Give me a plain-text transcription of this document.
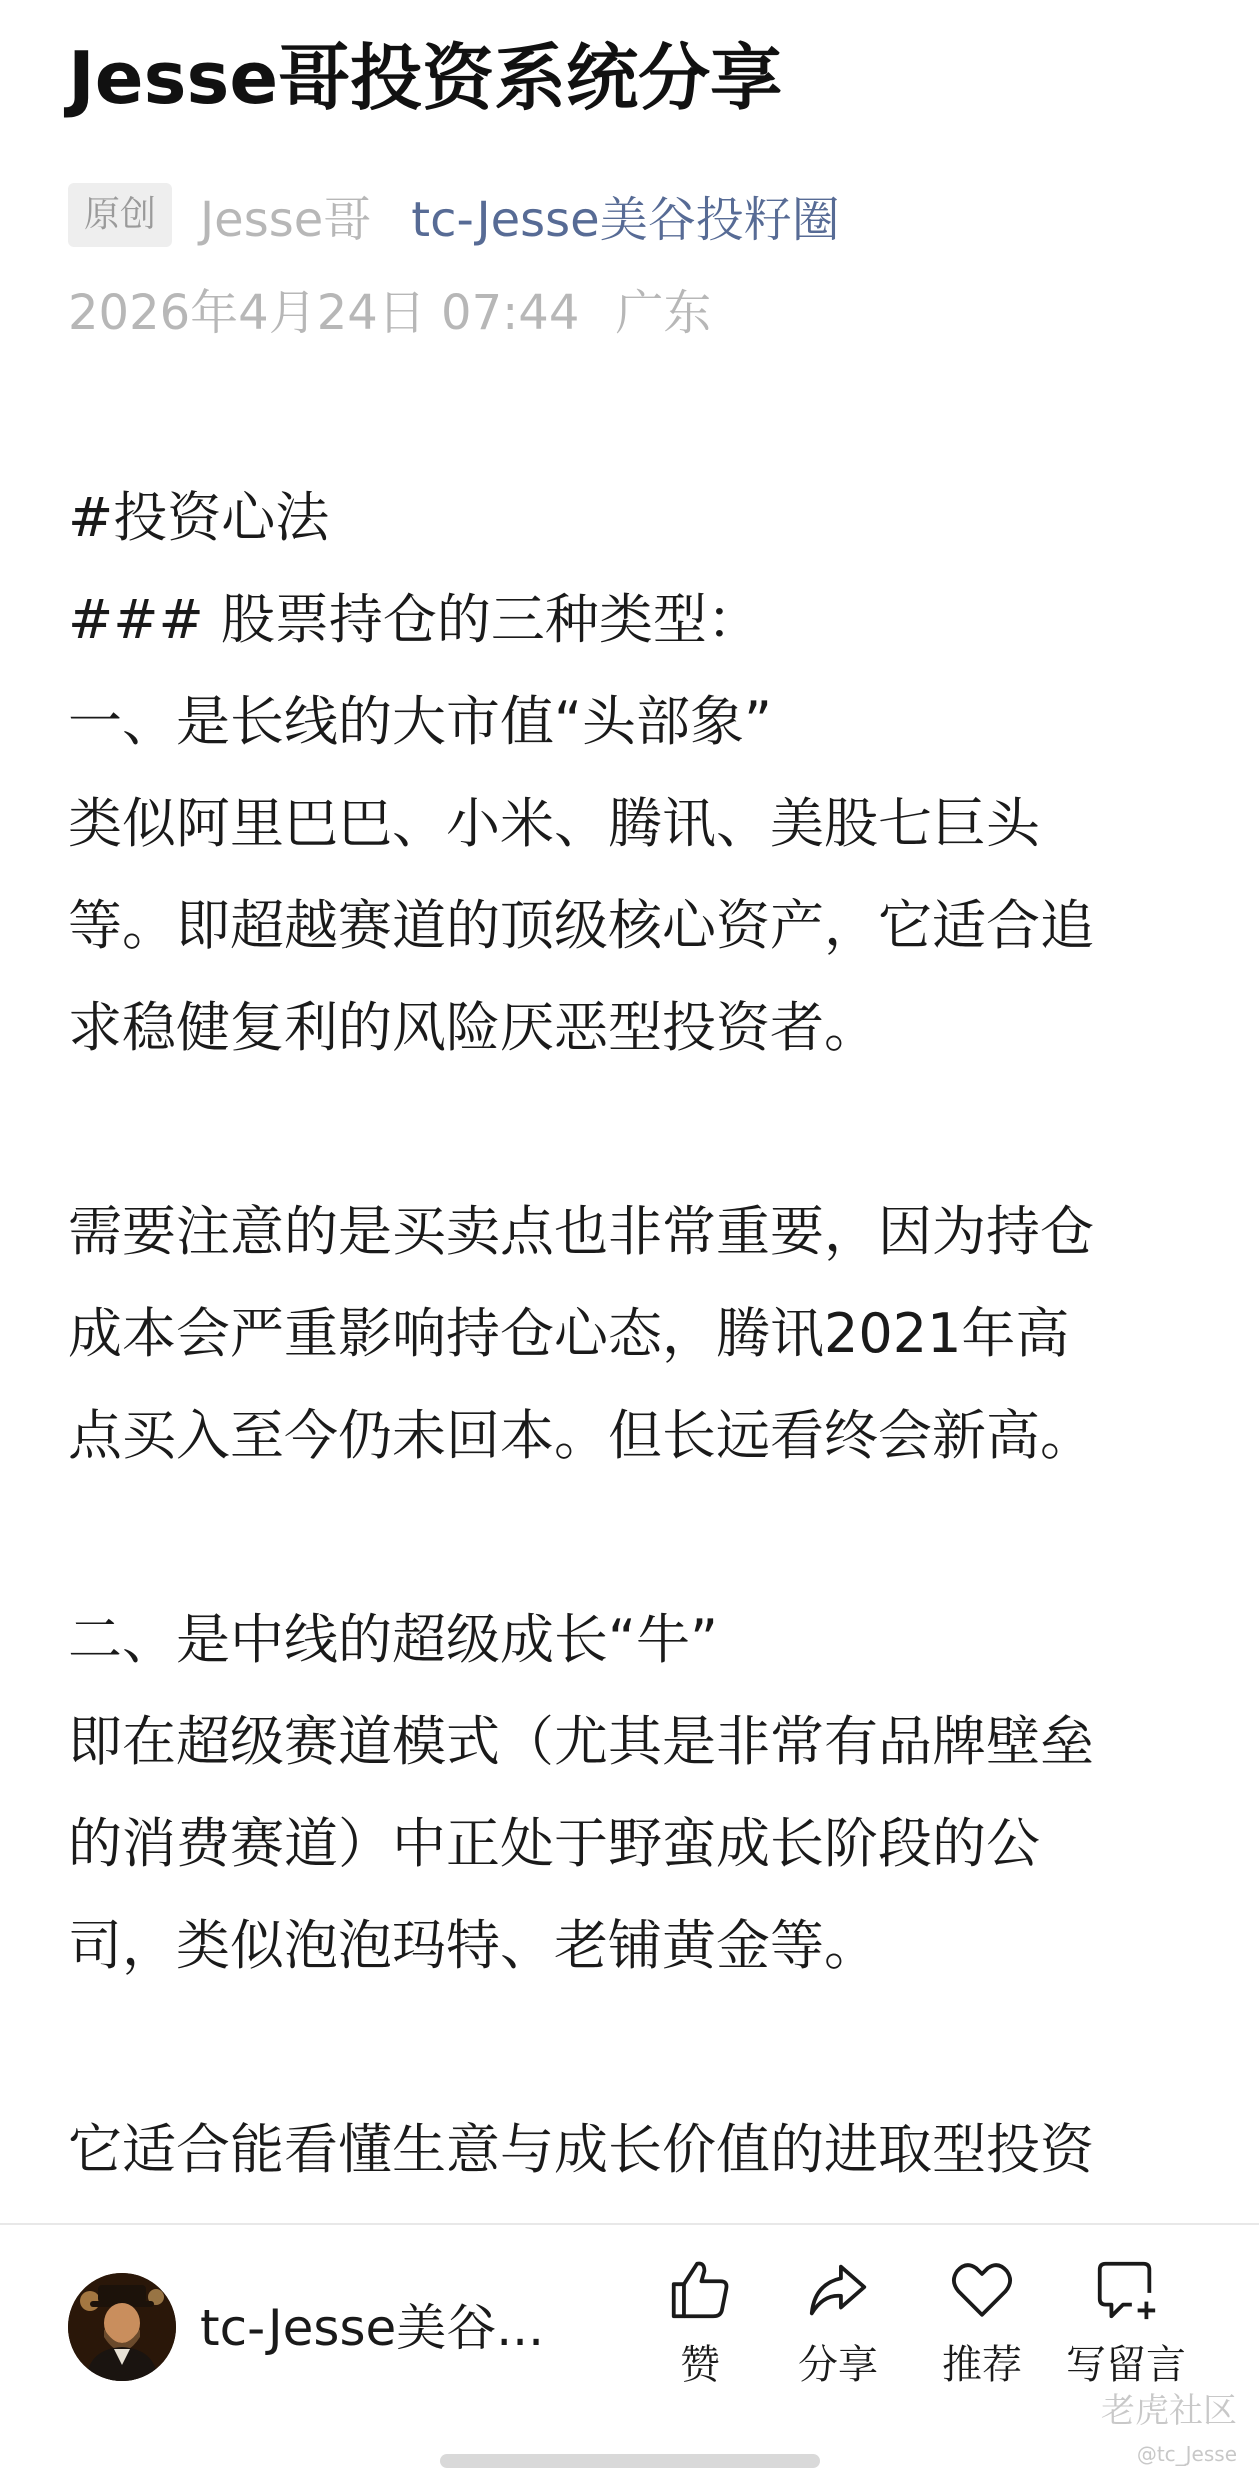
Jesse哥投资系统分享
原创 Jesse哥 tc-Jesse美谷投籽圈
2026年4月24日 07:44 广东

#投资心法

### 股票持仓的三种类型：

一、是长线的大市值“头部象”

类似阿里巴巴、小米、腾讯、美股七巨头

等。即超越赛道的顶级核心资产，它适合追

求稳健复利的风险厌恶型投资者。

需要注意的是买卖点也非常重要，因为持仓

成本会严重影响持仓心态，腾讯2021年高

点买入至今仍未回本。但长远看终会新高。

二、是中线的超级成长“牛”

即在超级赛道模式（尤其是非常有品牌壁垒

的消费赛道）中正处于野蛮成长阶段的公

司，类似泡泡玛特、老铺黄金等。

它适合能看懂生意与成长价值的进取型投资

tc-Jesse美谷...
赞	分享	推荐	写留言
老虎社区
@tc_Jesse
